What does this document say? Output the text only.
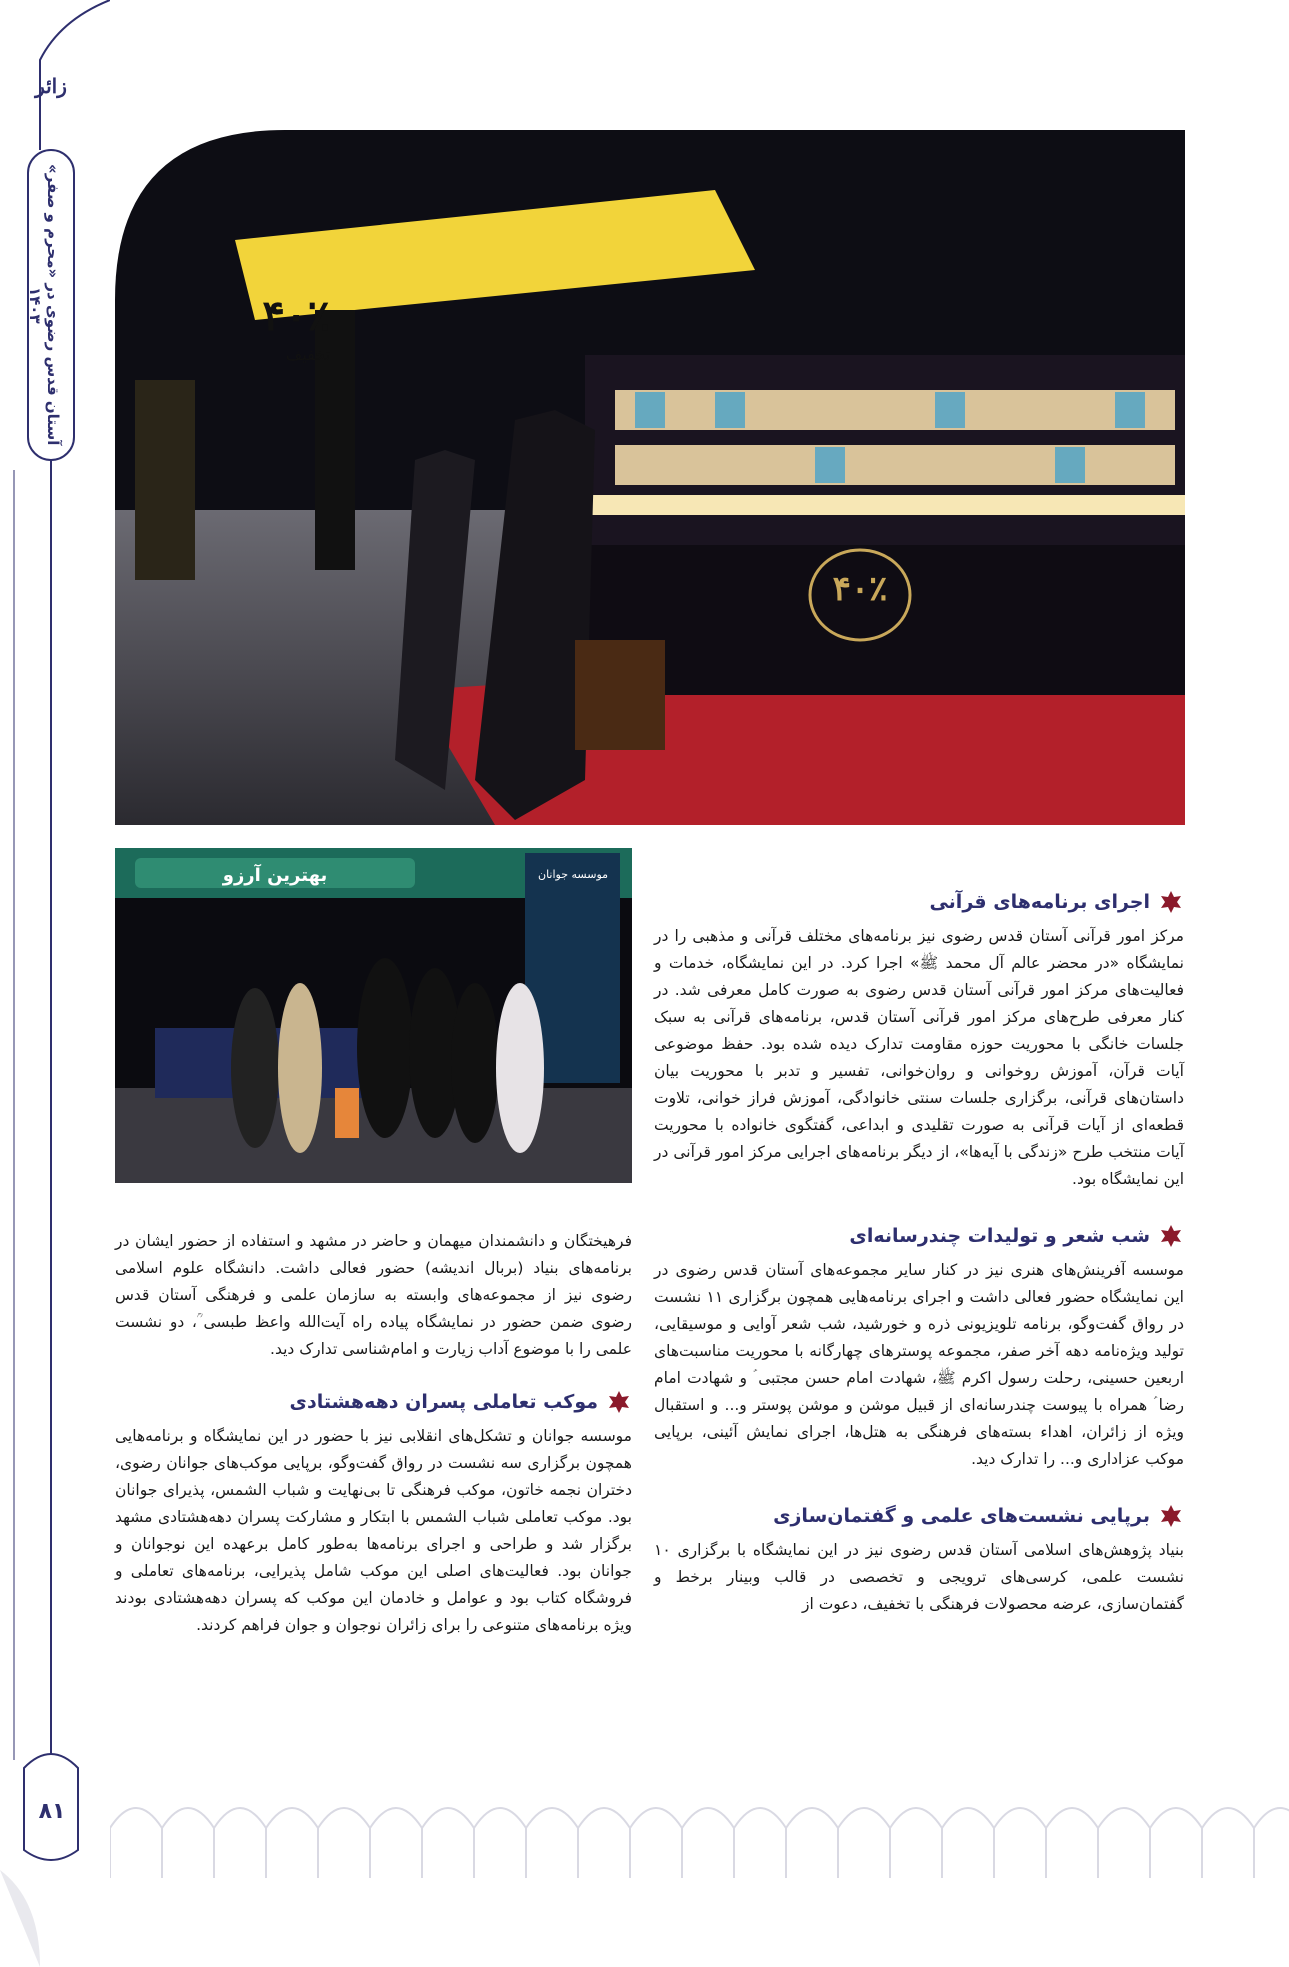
زائر
آستان قدس رضوی در «محرم و صفر» ۱۴۰۳
۸۱
۴۰٪
تخفیف
۴۰٪
بهترین آرزو	موسسه جوانان
اجرای برنامه‌های قرآنی

مرکز امور قرآنی آستان قدس رضوی نیز برنامه‌های مختلف قرآنی و مذهبی را در نمایشگاه «در محضر عالم آل محمد ﷺ» اجرا کرد. در این نمایشگاه، خدمات و فعالیت‌های مرکز امور قرآنی آستان قدس رضوی به صورت کامل معرفی شد. در کنار معرفی طرح‌های مرکز امور قرآنی آستان قدس، برنامه‌های قرآنی به سبک جلسات خانگی با محوریت حوزه مقاومت تدارک دیده شده بود. حفظ موضوعی آیات قرآن، آموزش روخوانی و روان‌خوانی، تفسیر و تدبر با محوریت بیان داستان‌های قرآنی، برگزاری جلسات سنتی خانوادگی، آموزش فراز خوانی، تلاوت قطعه‌ای از آیات قرآنی به صورت تقلیدی و ابداعی، گفتگوی خانواده با محوریت آیات منتخب طرح «زندگی با آیه‌ها»، از دیگر برنامه‌های اجرایی مرکز امور قرآنی در این نمایشگاه بود.

شب شعر و تولیدات چندرسانه‌ای

موسسه آفرینش‌های هنری نیز در کنار سایر مجموعه‌های آستان قدس رضوی در این نمایشگاه حضور فعالی داشت و اجرای برنامه‌هایی همچون برگزاری ۱۱ نشست در رواق گفت‌وگو، برنامه تلویزیونی ذره و خورشید، شب شعر آوایی و موسیقایی، تولید ویژه‌نامه دهه آخر صفر، مجموعه پوسترهای چهارگانه با محوریت مناسبت‌های اربعین حسینی، رحلت رسول اکرم ﷺ، شهادت امام حسن مجتبی ؑ و شهادت امام رضا ؑ همراه با پیوست چندرسانه‌ای از قبیل موشن و موشن پوستر و... و استقبال ویژه از زائران، اهداء بسته‌های فرهنگی به هتل‌ها، اجرای نمایش آئینی، برپایی موکب عزاداری و... را تدارک دید.

برپایی نشست‌های علمی و گفتمان‌سازی

بنیاد پژوهش‌های اسلامی آستان قدس رضوی نیز در این نمایشگاه با برگزاری ۱۰ نشست علمی، کرسی‌های ترویجی و تخصصی در قالب وبینار برخط و گفتمان‌سازی، عرضه محصولات فرهنگی با تخفیف، دعوت از

فرهیختگان و دانشمندان میهمان و حاضر در مشهد و استفاده از حضور ایشان در برنامه‌های بنیاد (بربال اندیشه) حضور فعالی داشت. دانشگاه علوم اسلامی رضوی نیز از مجموعه‌های وابسته به سازمان علمی و فرهنگی آستان قدس رضوی ضمن حضور در نمایشگاه پیاده راه آیت‌الله واعظ طبسی ؒ، دو نشست علمی را با موضوع آداب زیارت و امام‌شناسی تدارک دید.

موکب تعاملی پسران دهه‌هشتادی

موسسه جوانان و تشکل‌های انقلابی نیز با حضور در این نمایشگاه و برنامه‌هایی همچون برگزاری سه نشست در رواق گفت‌وگو، برپایی موکب‌های جوانان رضوی، دختران نجمه خاتون، موکب فرهنگی تا بی‌نهایت و شباب الشمس، پذیرای جوانان بود. موکب تعاملی شباب الشمس با ابتکار و مشارکت پسران دهه‌هشتادی مشهد برگزار شد و طراحی و اجرای برنامه‌ها به‌طور کامل برعهده این نوجوانان و جوانان بود. فعالیت‌های اصلی این موکب شامل پذیرایی، برنامه‌های تعاملی و فروشگاه کتاب بود و عوامل و خادمان این موکب که پسران دهه‌هشتادی بودند ویژه برنامه‌های متنوعی را برای زائران نوجوان و جوان فراهم کردند.
